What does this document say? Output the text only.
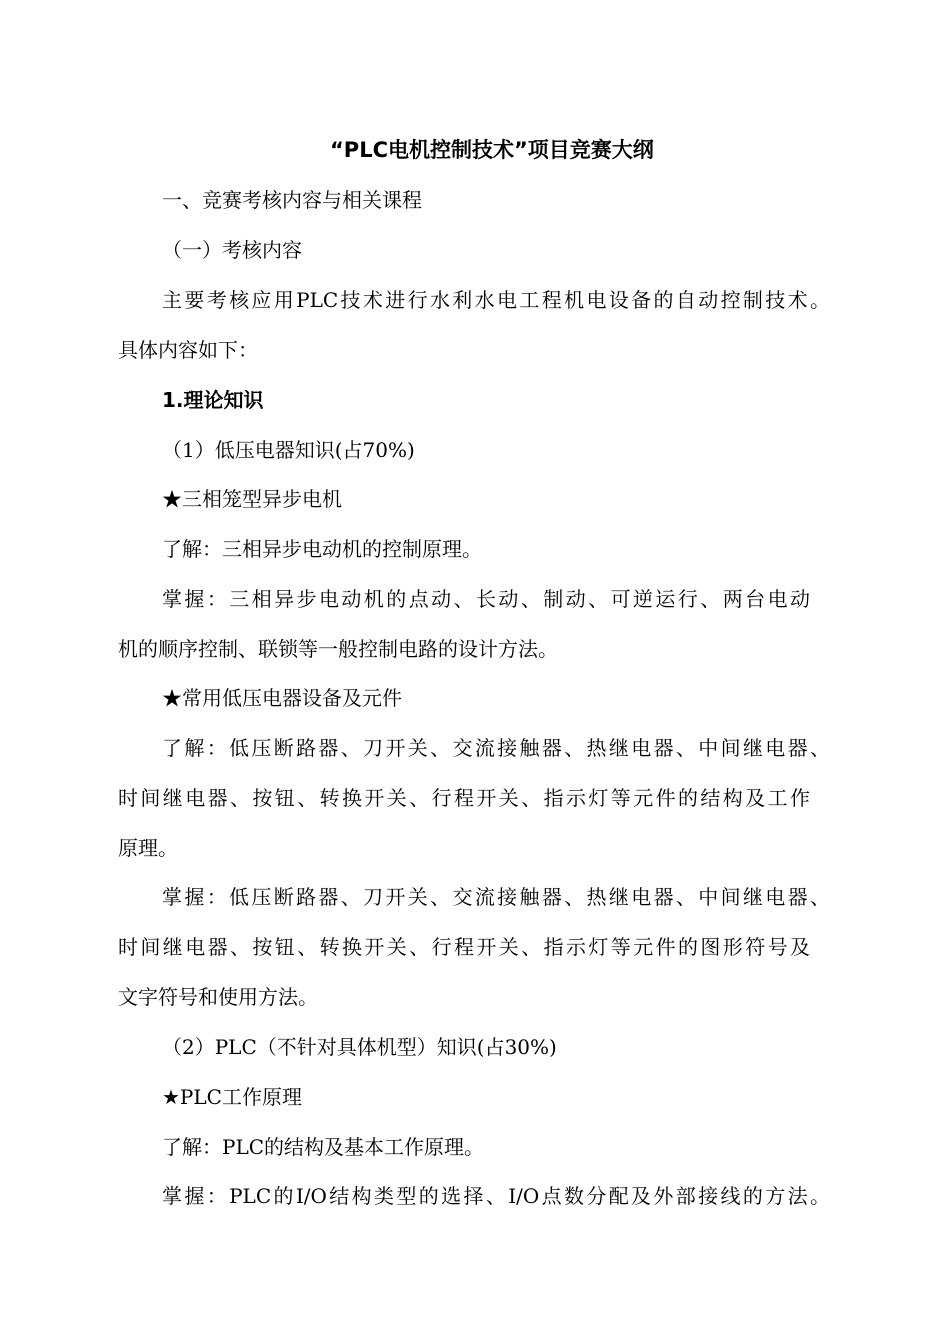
“PLC电机控制技术”项目竞赛大纲
一、竞赛考核内容与相关课程
（一）考核内容
主要考核应用PLC技术进行水利水电工程机电设备的自动控制技术。
具体内容如下：
1.理论知识
（1）低压电器知识(占70%)
★三相笼型异步电机
了解：三相异步电动机的控制原理。
掌握：三相异步电动机的点动、长动、制动、可逆运行、两台电动
机的顺序控制、联锁等一般控制电路的设计方法。
★常用低压电器设备及元件
了解：低压断路器、刀开关、交流接触器、热继电器、中间继电器、
时间继电器、按钮、转换开关、行程开关、指示灯等元件的结构及工作
原理。
掌握：低压断路器、刀开关、交流接触器、热继电器、中间继电器、
时间继电器、按钮、转换开关、行程开关、指示灯等元件的图形符号及
文字符号和使用方法。
（2）PLC（不针对具体机型）知识(占30%)
★PLC工作原理
了解：PLC的结构及基本工作原理。
掌握：PLC的I/O结构类型的选择、I/O点数分配及外部接线的方法。
